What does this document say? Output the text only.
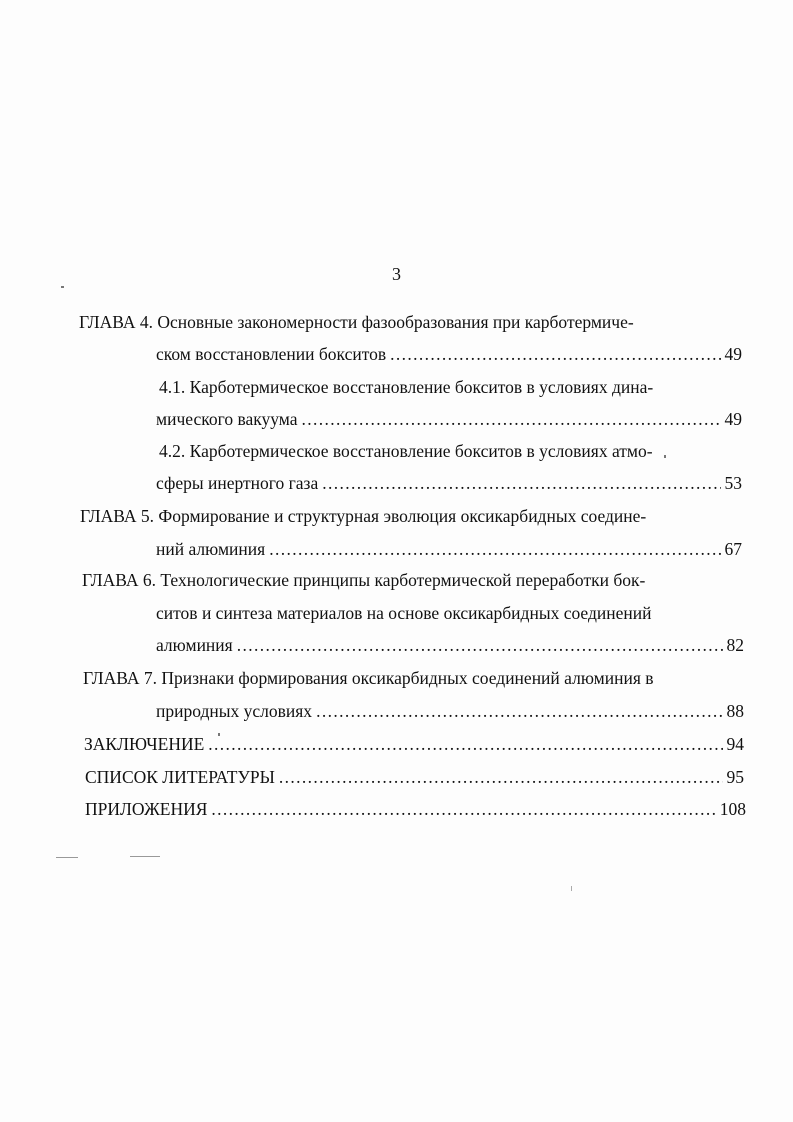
3
ГЛАВА 4. Основные закономерности фазообразования при карботермиче-
ском восстановлении бокситов . . .	49
4.1. Карботермическое восстановление бокситов в условиях дина-
мического вакуума . . .	49
4.2. Карботермическое восстановление бокситов в условиях атмо-
сферы инертного газа . . .	53
ГЛАВА 5. Формирование и структурная эволюция оксикарбидных соедине-
ний алюминия . . .	67
ГЛАВА 6. Технологические принципы карботермической переработки бок-
ситов и синтеза материалов на основе оксикарбидных соединений
алюминия . . .	82
ГЛАВА 7. Признаки формирования оксикарбидных соединений алюминия в
природных условиях . . .	88
ЗАКЛЮЧЕНИЕ . . .	94
СПИСОК ЛИТЕРАТУРЫ . . .	95
ПРИЛОЖЕНИЯ . . .	108
